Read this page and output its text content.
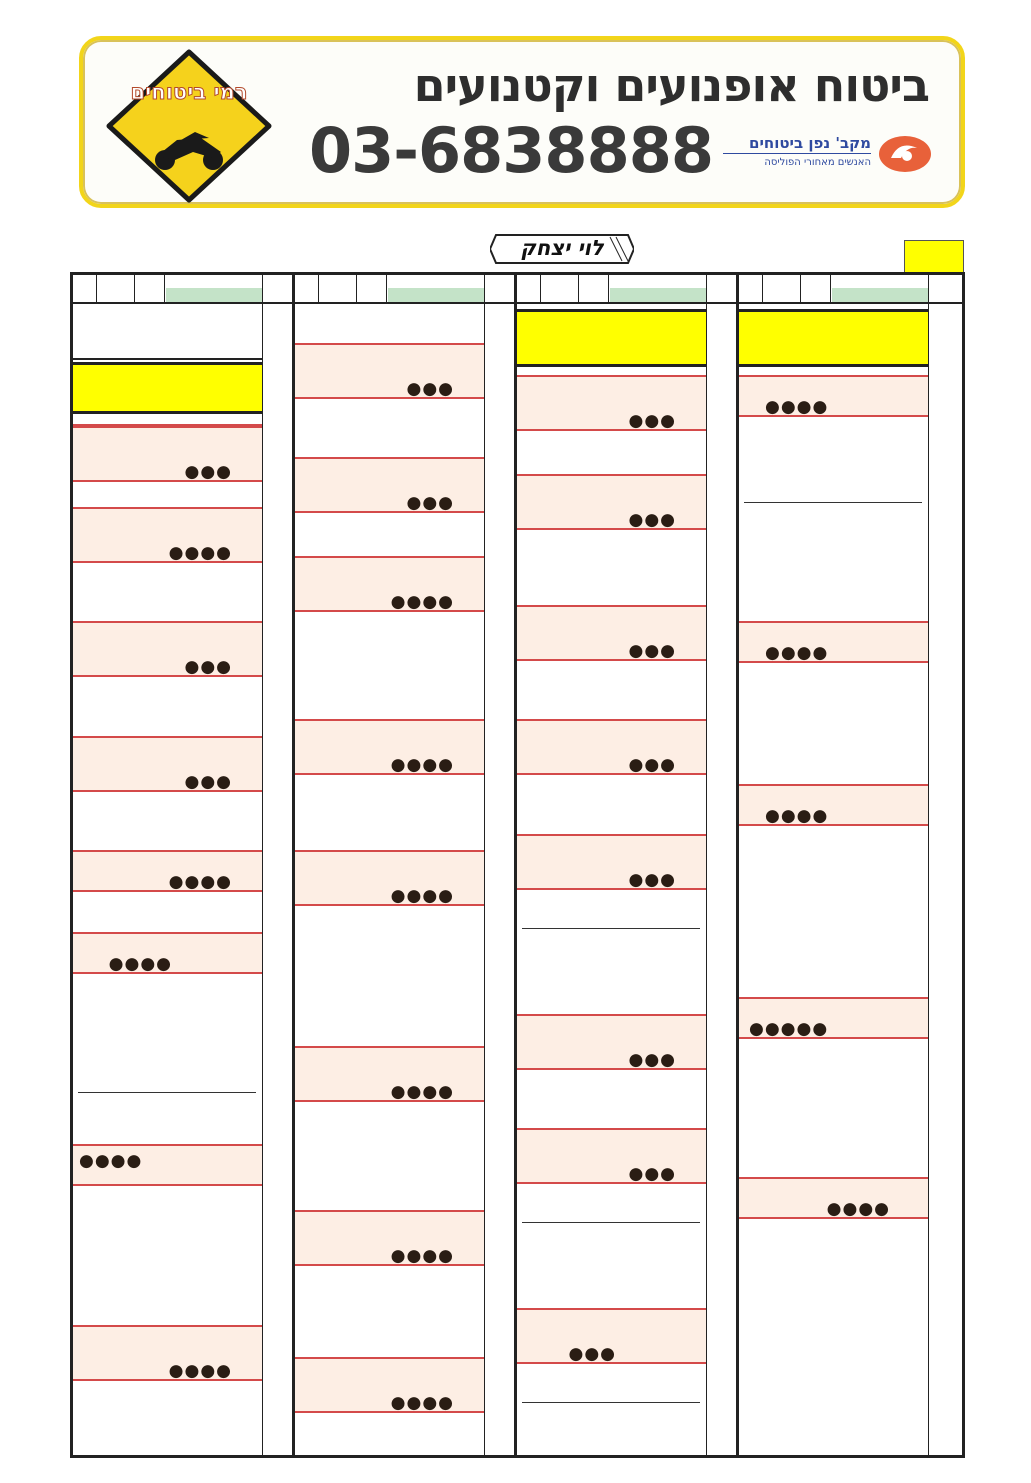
רמי ביטוחים	ביטוח אופנועים וקטנועים
03-6838888	מקב' נפן ביטוחים
האנשים מאחורי הפוליסה
לוי יצחק
●●●
●●●●
●●●
●●●
●●●●
●●●●
●●●●
●●●●
●●●
●●●
●●●●
●●●●
●●●●
●●●●
●●●●
●●●●
●●●
●●●
●●●
●●●
●●●
●●●
●●●
●●●
●●●●
●●●●
●●●●
●●●●●
●●●●
